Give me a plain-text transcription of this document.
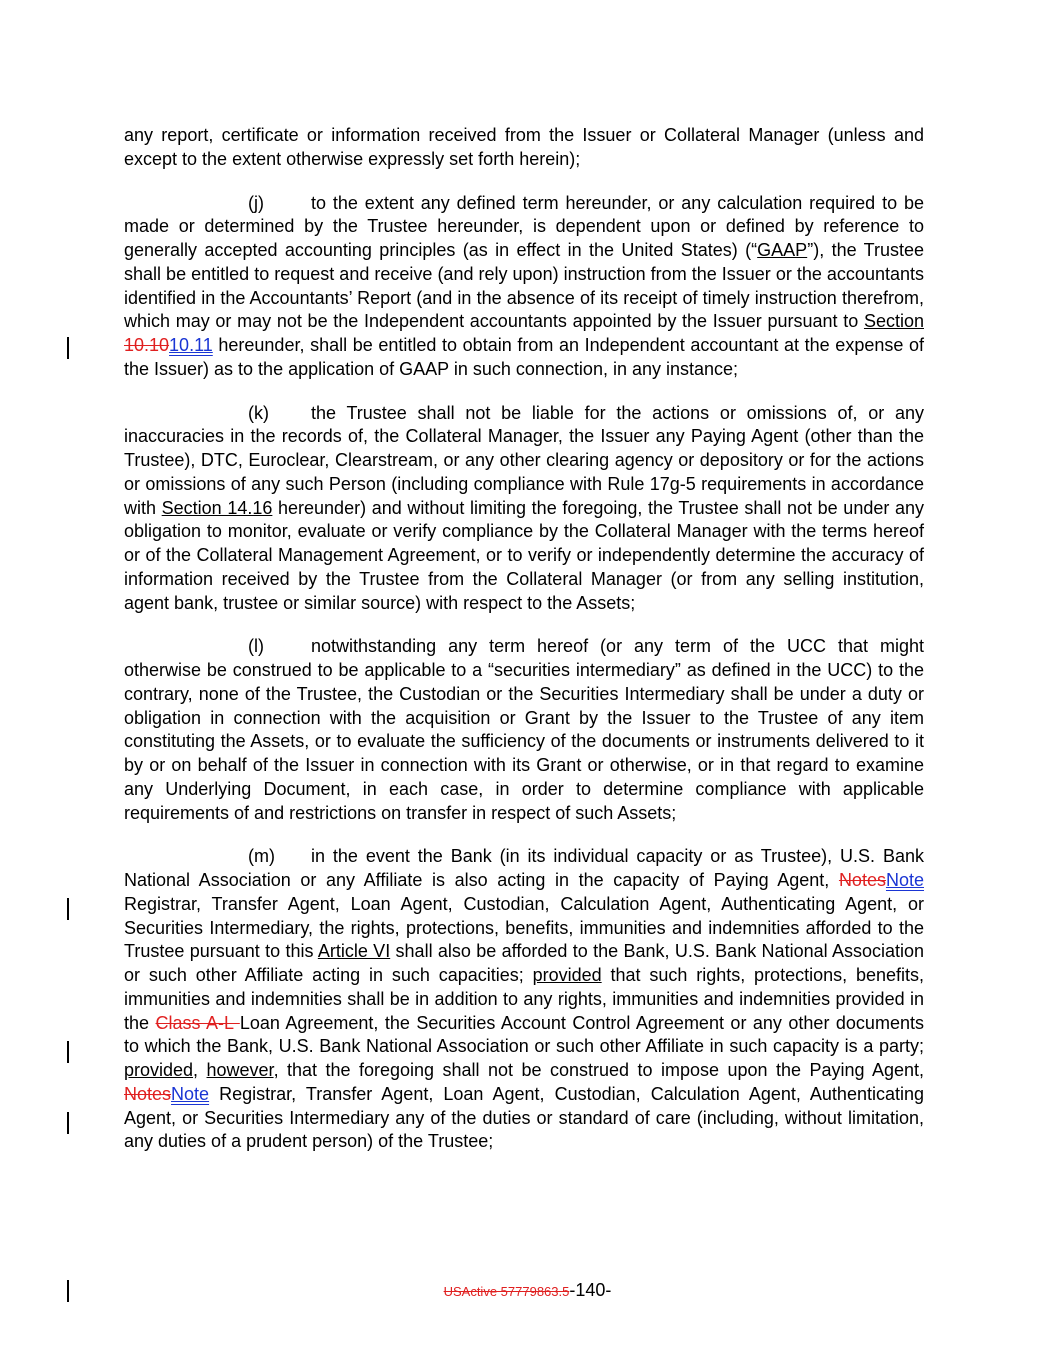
any report, certificate or information received from the Issuer or Collateral Manager (unless and except to the extent otherwise expressly set forth herein);

(j)	to the extent any defined term hereunder, or any calculation required to be made or determined by the Trustee hereunder, is dependent upon or defined by reference to generally accepted accounting principles (as in effect in the United States) (“GAAP”), the Trustee shall be entitled to request and receive (and rely upon) instruction from the Issuer or the accountants identified in the Accountants’ Report (and in the absence of its receipt of timely instruction therefrom, which may or may not be the Independent accountants appointed by the Issuer pursuant to Section 10.1010.11 hereunder, shall be entitled to obtain from an Independent accountant at the expense of the Issuer) as to the application of GAAP in such connection, in any instance;

(k) the Trustee shall not be liable for the actions or omissions of, or any inaccuracies in the records of, the Collateral Manager, the Issuer any Paying Agent (other than the Trustee), DTC, Euroclear, Clearstream, or any other clearing agency or depository or for the actions or omissions of any such Person (including compliance with Rule 17g-5 requirements in accordance with Section 14.16 hereunder) and without limiting the foregoing, the Trustee shall not be under any obligation to monitor, evaluate or verify compliance by the Collateral Manager with the terms hereof or of the Collateral Management Agreement, or to verify or independently determine the accuracy of information received by the Trustee from the Collateral Manager (or from any selling institution, agent bank, trustee or similar source) with respect to the Assets;

(l)	notwithstanding any term hereof (or any term of the UCC that might otherwise be construed to be applicable to a “securities intermediary” as defined in the UCC) to the contrary, none of the Trustee, the Custodian or the Securities Intermediary shall be under a duty or obligation in connection with the acquisition or Grant by the Issuer to the Trustee of any item constituting the Assets, or to evaluate the sufficiency of the documents or instruments delivered to it by or on behalf of the Issuer in connection with its Grant or otherwise, or in that regard to examine any Underlying Document, in each case, in order to determine compliance with applicable requirements of and restrictions on transfer in respect of such Assets;

(m) in the event the Bank (in its individual capacity or as Trustee), U.S. Bank National Association or any Affiliate is also acting in the capacity of Paying Agent, NotesNote Registrar, Transfer Agent, Loan Agent, Custodian, Calculation Agent, Authenticating Agent, or Securities Intermediary, the rights, protections, benefits, immunities and indemnities afforded to the Trustee pursuant to this Article VI shall also be afforded to the Bank, U.S. Bank National Association or such other Affiliate acting in such capacities; provided that such rights, protections, benefits, immunities and indemnities shall be in addition to any rights, immunities and indemnities provided in the Class A-L Loan Agreement, the Securities Account Control Agreement or any other documents to which the Bank, U.S. Bank National Association or such other Affiliate in such capacity is a party; provided, however, that the foregoing shall not be construed to impose upon the Paying Agent, NotesNote Registrar, Transfer Agent, Loan Agent, Custodian, Calculation Agent, Authenticating Agent, or Securities Intermediary any of the duties or standard of care (including, without limitation, any duties of a prudent person) of the Trustee;

USActive 57779863.5-140-
